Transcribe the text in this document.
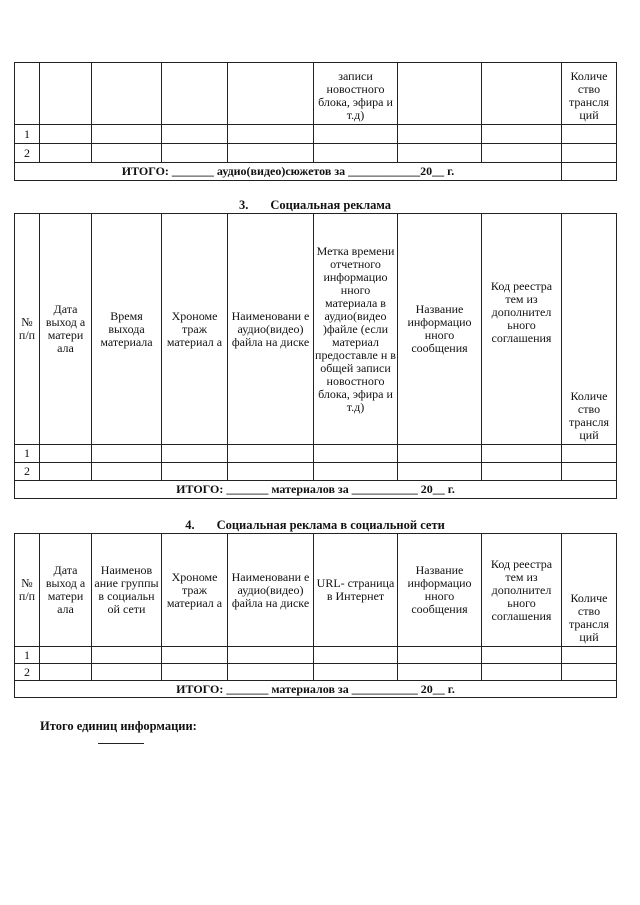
					записи новостного блока, эфира и т.д)			Количе ство трансля ций
1								
2								
ИТОГО: _______ аудио(видео)сюжетов за ____________20__ г.								
3. Социальная реклама
№ п/п	Дата выход а матери ала	Время выхода материала	Хрономе траж материал а	Наименовани е аудио(видео) файла на диске	Метка времени отчетного информацио нного материала в аудио(видео )файле (если материал предоставле н в общей записи новостного блока, эфира и т.д)	Название информацио нного сообщения	Код реестра тем из дополнител ьного соглашения	Количе ство трансля ций
1								
2								
ИТОГО: _______ материалов за ___________ 20__ г.								
4. Социальная реклама в социальной сети
№ п/п	Дата выход а матери ала	Наименов ание группы в социальн ой сети	Хрономе траж материал а	Наименовани е аудио(видео) файла на диске	URL- страница в Интернет	Название информацио нного сообщения	Код реестра тем из дополнител ьного соглашения	Количе ство трансля ций
1								
2								
ИТОГО: _______ материалов за ___________ 20__ г.								
Итого единиц информации:
